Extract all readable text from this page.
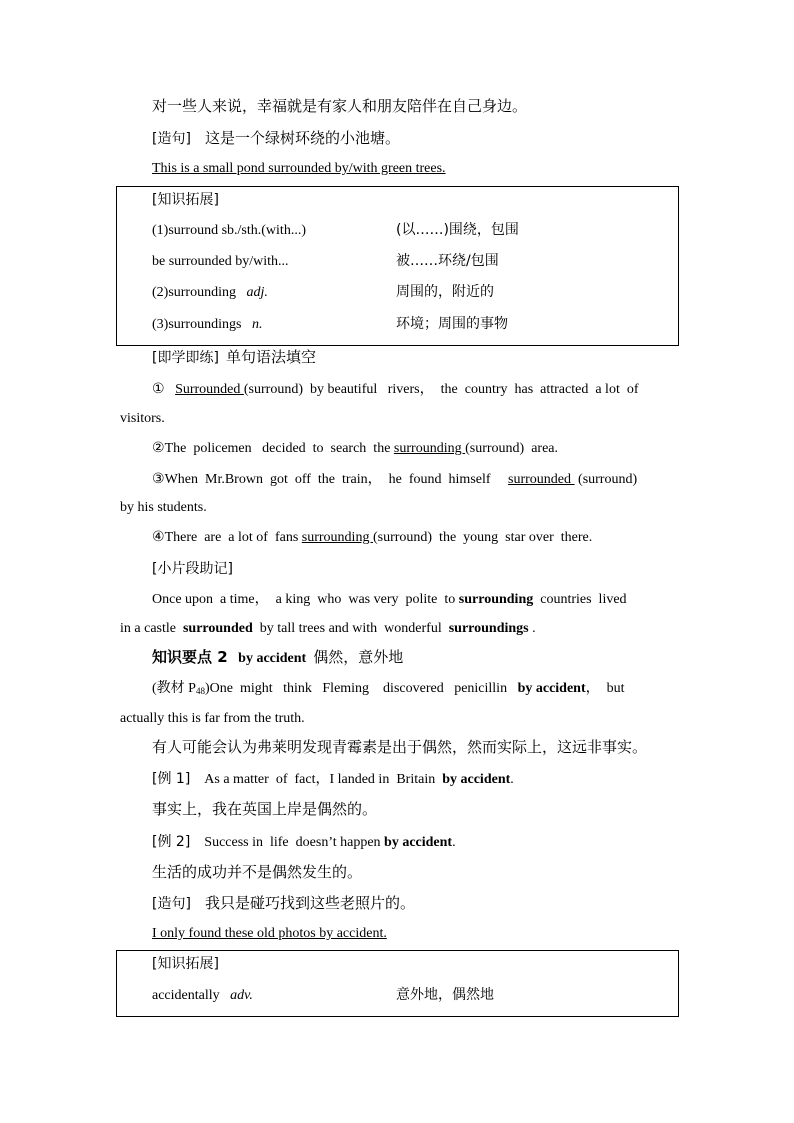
对一些人来说，幸福就是有家人和朋友陪伴在自己身边。
[造句] 这是一个绿树环绕的小池塘。
This is a small pond surrounded by/with green trees.
[知识拓展]
(1)surround sb./sth.(with...)	(以……)围绕，包围
be surrounded by/with...	被……环绕/包围
(2)surrounding   adj.	周围的，附近的
(3)surroundings   n.	环境；周围的事物
[即学即练] 单句语法填空
① Surrounded (surround)  by beautiful   rivers，  the  country  has  attracted  a lot  of
visitors.
②The  policemen   decided  to  search  the surrounding (surround)  area.
③When  Mr.Brown  got  off  the  train，  he  found  himself     surrounded  (surround)
by his students.
④There  are  a lot of  fans surrounding (surround)  the  young  star over  there.
[小片段助记]
Once upon  a time，  a king  who  was very  polite  to surrounding  countries  lived
in a castle  surrounded  by tall trees and with  wonderful  surroundings .
知识要点 2 by accident 偶然，意外地
(教材 $P_{48})One$  might   think   Fleming    discovered   penicillin   by accident，  but
actually this is far from the truth.
有人可能会认为弗莱明发现青霉素是出于偶然，然而实际上，这远非事实。
[例 1] As a matter  of  fact，I landed in  Britain  by accident.
事实上，我在英国上岸是偶然的。
[例 2] Success in  life  doesn’t happen by accident.
生活的成功并不是偶然发生的。
[造句] 我只是碰巧找到这些老照片的。
I only found these old photos by accident.
[知识拓展]
accidentally   adv.	意外地，偶然地
